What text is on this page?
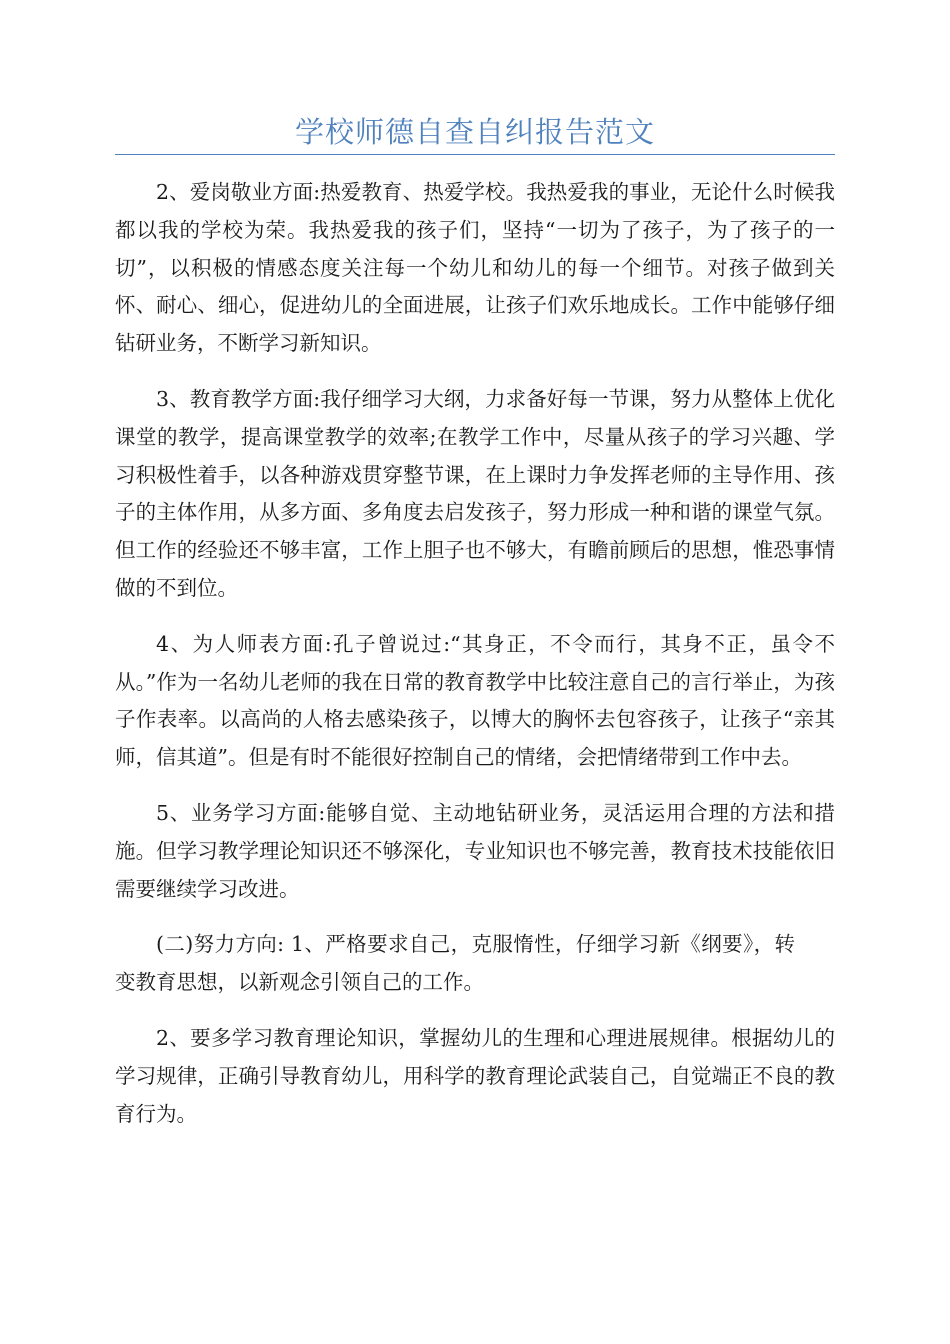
学校师德自查自纠报告范文

2、爱岗敬业方面:热爱教育、热爱学校。我热爱我的事业，无论什么时候我都以我的学校为荣。我热爱我的孩子们，坚持“一切为了孩子，为了孩子的一切”，以积极的情感态度关注每一个幼儿和幼儿的每一个细节。对孩子做到关怀、耐心、细心，促进幼儿的全面进展，让孩子们欢乐地成长。工作中能够仔细钻研业务，不断学习新知识。

3、教育教学方面:我仔细学习大纲，力求备好每一节课，努力从整体上优化课堂的教学，提高课堂教学的效率;在教学工作中，尽量从孩子的学习兴趣、学习积极性着手，以各种游戏贯穿整节课，在上课时力争发挥老师的主导作用、孩子的主体作用，从多方面、多角度去启发孩子，努力形成一种和谐的课堂气氛。但工作的经验还不够丰富，工作上胆子也不够大，有瞻前顾后的思想，惟恐事情做的不到位。

4、为人师表方面:孔子曾说过:“其身正，不令而行，其身不正，虽令不从。”作为一名幼儿老师的我在日常的教育教学中比较注意自己的言行举止，为孩子作表率。以高尚的人格去感染孩子，以博大的胸怀去包容孩子，让孩子“亲其师，信其道”。但是有时不能很好控制自己的情绪，会把情绪带到工作中去。

5、业务学习方面:能够自觉、主动地钻研业务，灵活运用合理的方法和措施。但学习教学理论知识还不够深化，专业知识也不够完善，教育技术技能依旧需要继续学习改进。

(二)努力方向: 1、严格要求自己，克服惰性，仔细学习新《纲要》，转变教育思想，以新观念引领自己的工作。

2、要多学习教育理论知识，掌握幼儿的生理和心理进展规律。根据幼儿的学习规律，正确引导教育幼儿，用科学的教育理论武装自己，自觉端正不良的教育行为。
